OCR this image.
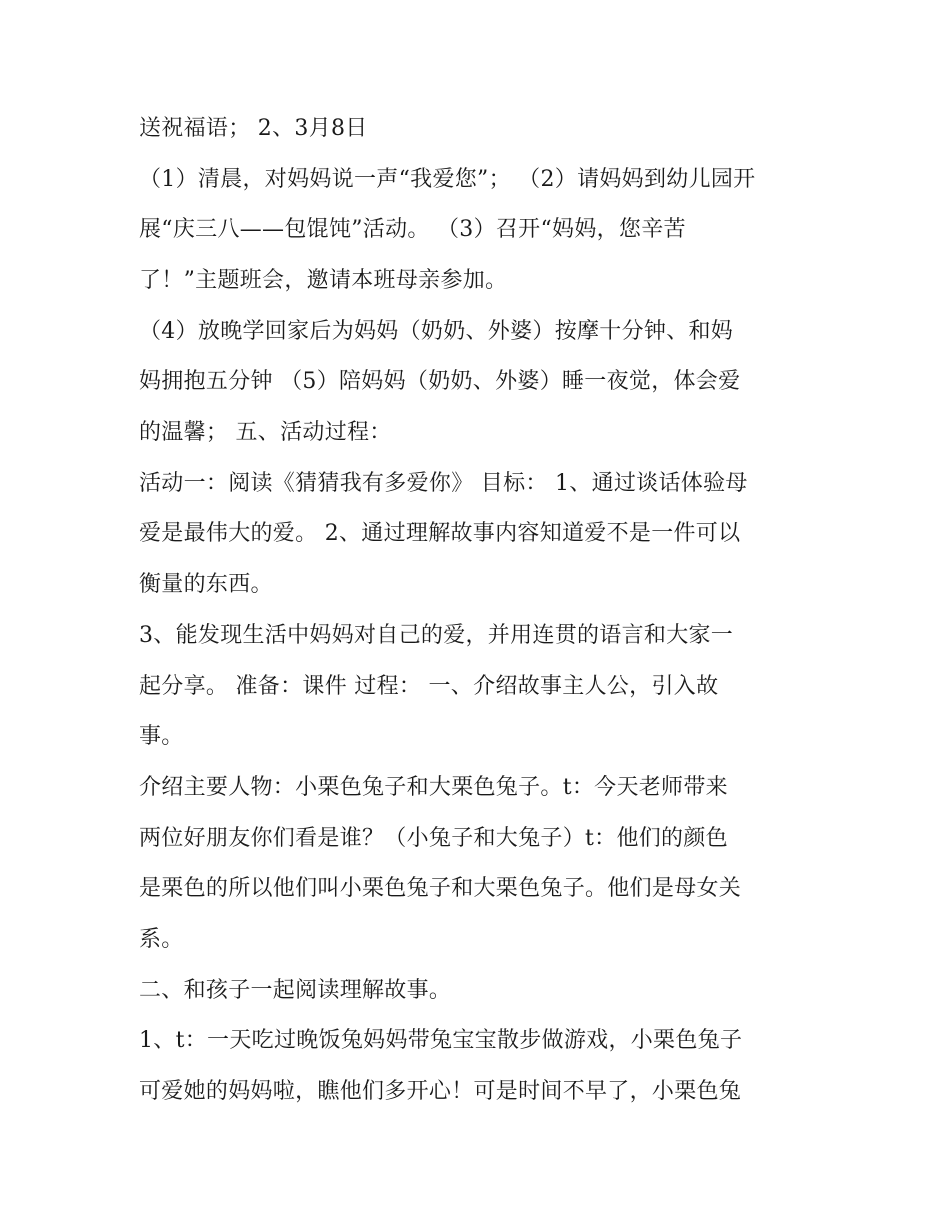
送祝福语； 2、3月8日
（1）清晨，对妈妈说一声“我爱您”； （2）请妈妈到幼儿园开
展“庆三八——包馄饨”活动。 （3）召开“妈妈，您辛苦
了！”主题班会，邀请本班母亲参加。
（4）放晚学回家后为妈妈（奶奶、外婆）按摩十分钟、和妈
妈拥抱五分钟 （5）陪妈妈（奶奶、外婆）睡一夜觉，体会爱
的温馨； 五、活动过程：
活动一：阅读《猜猜我有多爱你》 目标： 1、通过谈话体验母
爱是最伟大的爱。 2、通过理解故事内容知道爱不是一件可以
衡量的东西。
3、能发现生活中妈妈对自己的爱，并用连贯的语言和大家一
起分享。 准备：课件 过程： 一、介绍故事主人公，引入故
事。
介绍主要人物：小栗色兔子和大栗色兔子。t：今天老师带来
两位好朋友你们看是谁？（小兔子和大兔子）t：他们的颜色
是栗色的所以他们叫小栗色兔子和大栗色兔子。他们是母女关
系。
二、和孩子一起阅读理解故事。
1、t：一天吃过晚饭兔妈妈带兔宝宝散步做游戏，小栗色兔子
可爱她的妈妈啦，瞧他们多开心！可是时间不早了，小栗色兔
